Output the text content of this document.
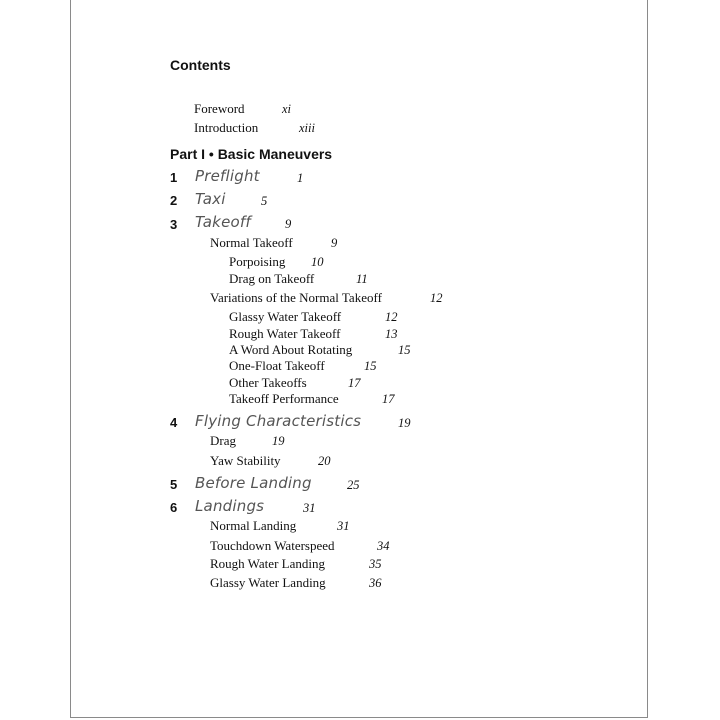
Contents
Foreword	xi
Introduction	xiii
Part I • Basic Maneuvers
1 Preflight	1
2 Taxi	5
3 Takeoff	9
Normal Takeoff	9
Porpoising 10
Drag on Takeoff	11
Variations of the Normal Takeoff	12
Glassy Water Takeoff	12
Rough Water Takeoff	13
A Word About Rotating	15
One-Float Takeoff	15
Other Takeoffs	17
Takeoff Performance	17
4 Flying Characteristics	19
Drag	19
Yaw Stability	20
5 Before Landing	25
6 Landings	31
Normal Landing	31
Touchdown Waterspeed	34
Rough Water Landing	35
Glassy Water Landing	36
